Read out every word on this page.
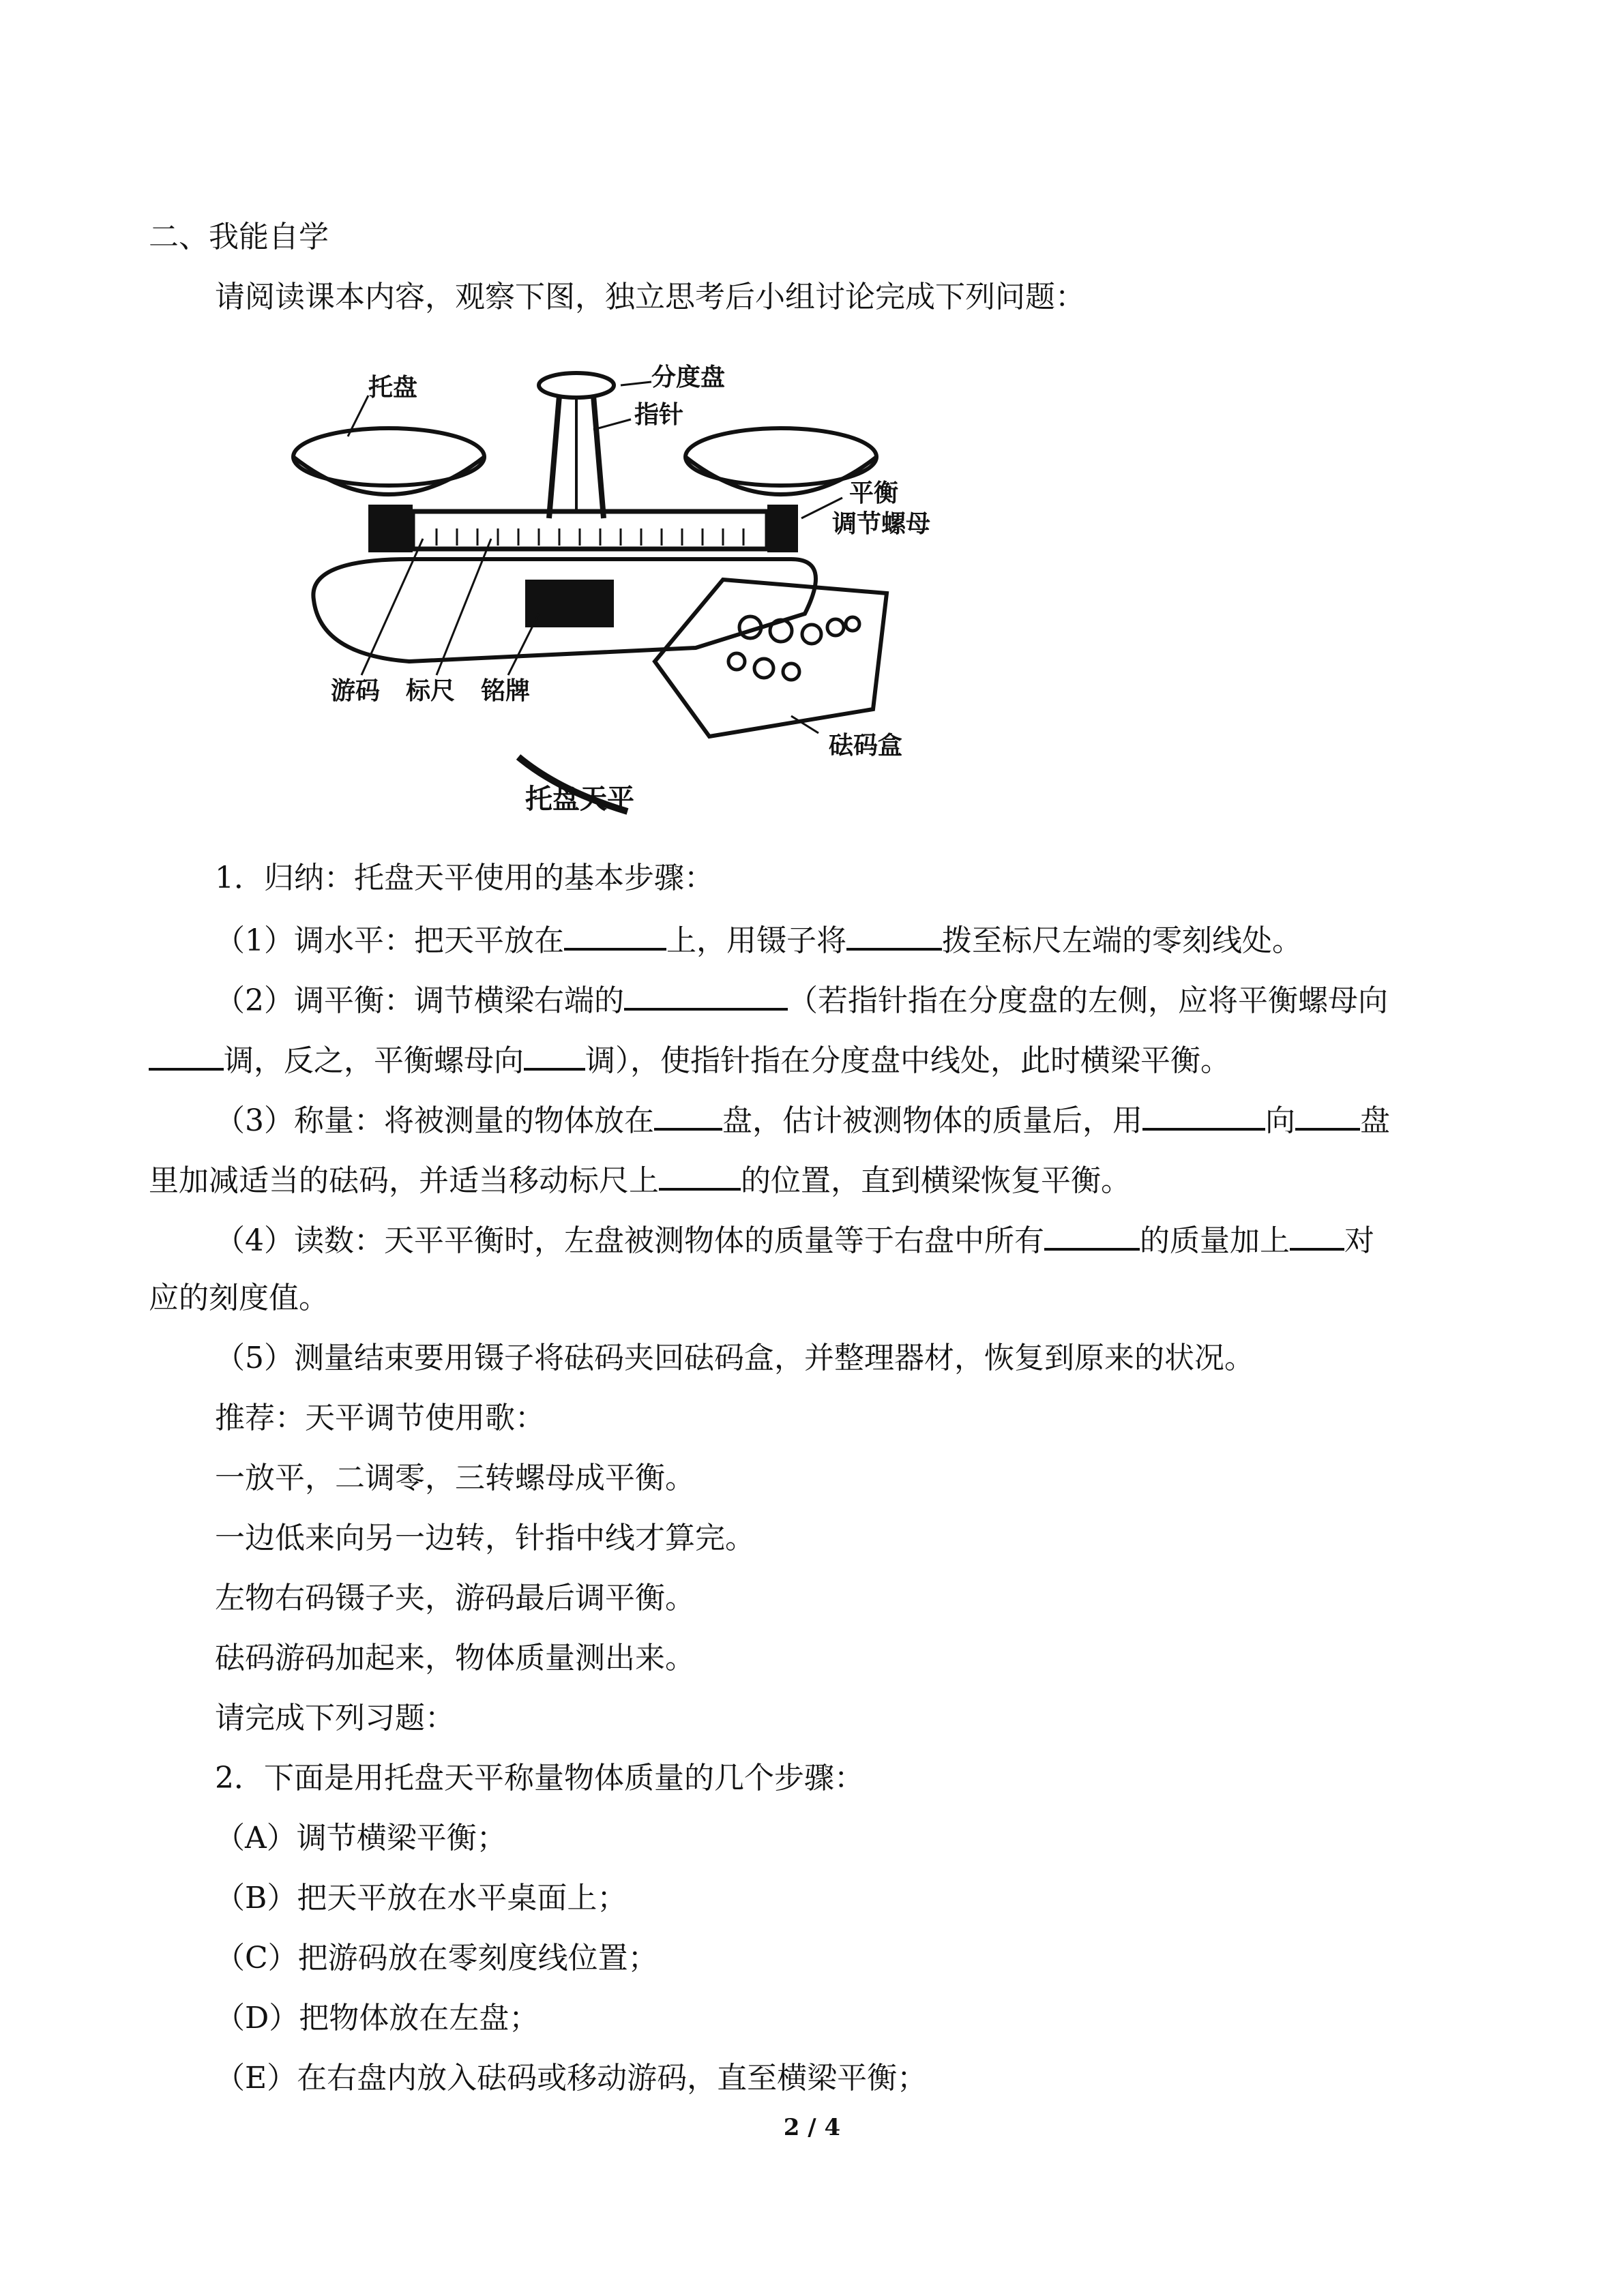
二、我能自学
请阅读课本内容，观察下图，独立思考后小组讨论完成下列问题：
托盘	分度盘
指针
平衡
调节螺母
游码 标尺 铭牌
砝码盒
托盘天平
1．归纳：托盘天平使用的基本步骤：
（1）调水平：把天平放在	上，用镊子将	拨至标尺左端的零刻线处。
（2）调平衡：调节横梁右端的	（若指针指在分度盘的左侧，应将平衡螺母向
调，反之，平衡螺母向 调），使指针指在分度盘中线处，此时横梁平衡。
（3）称量：将被测量的物体放在 盘，估计被测物体的质量后，用	向 盘
里加减适当的砝码，并适当移动标尺上	的位置，直到横梁恢复平衡。
（4）读数：天平平衡时，左盘被测物体的质量等于右盘中所有	的质量加上 对
应的刻度值。
（5）测量结束要用镊子将砝码夹回砝码盒，并整理器材，恢复到原来的状况。
推荐：天平调节使用歌：
一放平，二调零，三转螺母成平衡。
一边低来向另一边转，针指中线才算完。
左物右码镊子夹，游码最后调平衡。
砝码游码加起来，物体质量测出来。
请完成下列习题：
2．下面是用托盘天平称量物体质量的几个步骤：
（A）调节横梁平衡；
（B）把天平放在水平桌面上；
（C）把游码放在零刻度线位置；
（D）把物体放在左盘；
（E）在右盘内放入砝码或移动游码，直至横梁平衡；
2 / 4
